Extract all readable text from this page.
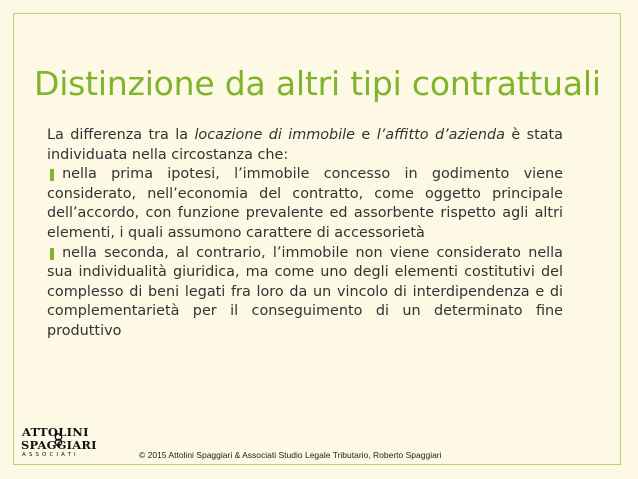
Distinzione da altri tipi contrattuali

La differenza tra la locazione di immobile e l’affitto d’azienda è stata individuata nella circostanza che:

❚ nella prima ipotesi, l’immobile concesso in godimento viene considerato, nell’economia del contratto, come oggetto principale dell’accordo, con funzione prevalente ed assorbente rispetto agli altri elementi, i quali assumono carattere di accessorietà

❚ nella seconda, al contrario, l’immobile non viene considerato nella sua individualità giuridica, ma come uno degli elementi costitutivi del complesso di beni legati fra loro da un vincolo di interdipendenza e di complementarietà per il conseguimento di un determinato fine produttivo

ATTOLINI
SPAGGIARI
ASSOCIATI	© 2015 Attolini Spaggiari & Associati Studio Legale Tributario, Roberto Spaggiari
